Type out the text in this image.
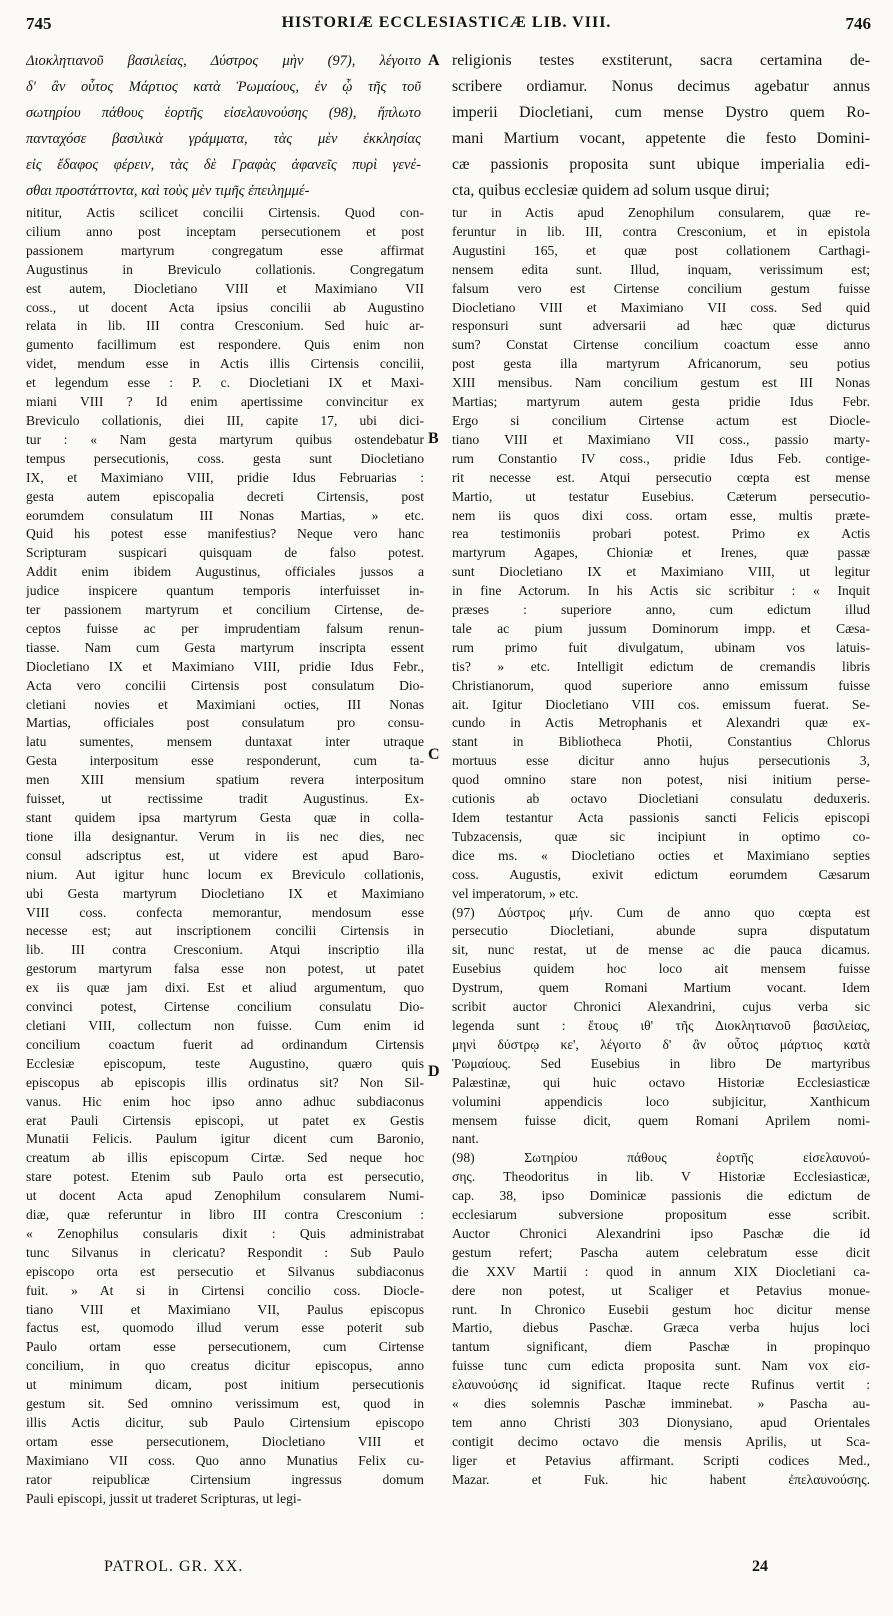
745	HISTORIÆ ECCLESIASTICÆ LIB. VIII.	746
Διοκλητιανοῦ βασιλείας, Δύστρος μὴν (97), λέγοιτο
δ' ἂν οὗτος Μάρτιος κατὰ Ῥωμαίους, ἐν ᾧ τῆς τοῦ
σωτηρίου πάθους ἑορτῆς εἰσελαυνούσης (98), ἥπλωτο
πανταχόσε βασιλικὰ γράμματα, τὰς μὲν ἐκκλησίας
εἰς ἔδαφος φέρειν, τὰς δὲ Γραφὰς ἀφανεῖς πυρὶ γενέ-
σθαι προστάττοντα, καὶ τοὺς μὲν τιμῆς ἐπειλημμέ-
religionis testes exstiterunt, sacra certamina de-
scribere ordiamur. Nonus decimus agebatur annus
imperii Diocletiani, cum mense Dystro quem Ro-
mani Martium vocant, appetente die festo Domini-
cæ passionis proposita sunt ubique imperialia edi-
cta, quibus ecclesiæ quidem ad solum usque dirui;
nititur, Actis scilicet concilii Cirtensis. Quod con-
cilium anno post inceptam persecutionem et post
passionem martyrum congregatum esse affirmat
Augustinus in Breviculo collationis. Congregatum
est autem, Diocletiano VIII et Maximiano VII
coss., ut docent Acta ipsius concilii ab Augustino
relata in lib. III contra Cresconium. Sed huic ar-
gumento facillimum est respondere. Quis enim non
videt, mendum esse in Actis illis Cirtensis concilii,
et legendum esse : P. c. Diocletiani IX et Maxi-
miani VIII ? Id enim apertissime convincitur ex
Breviculo collationis, diei III, capite 17, ubi dici-
tur : « Nam gesta martyrum quibus ostendebatur
tempus persecutionis, coss. gesta sunt Diocletiano
IX, et Maximiano VIII, pridie Idus Februarias :
gesta autem episcopalia decreti Cirtensis, post
eorumdem consulatum III Nonas Martias, » etc.
Quid his potest esse manifestius? Neque vero hanc
Scripturam suspicari quisquam de falso potest.
Addit enim ibidem Augustinus, officiales jussos a
judice inspicere quantum temporis interfuisset in-
ter passionem martyrum et concilium Cirtense, de-
ceptos fuisse ac per imprudentiam falsum renun-
tiasse. Nam cum Gesta martyrum inscripta essent
Diocletiano IX et Maximiano VIII, pridie Idus Febr.,
Acta vero concilii Cirtensis post consulatum Dio-
cletiani novies et Maximiani octies, III Nonas
Martias, officiales post consulatum pro consu-
latu sumentes, mensem duntaxat inter utraque
Gesta interpositum esse responderunt, cum ta-
men XIII mensium spatium revera interpositum
fuisset, ut rectissime tradit Augustinus. Ex-
stant quidem ipsa martyrum Gesta quæ in colla-
tione illa designantur. Verum in iis nec dies, nec
consul adscriptus est, ut videre est apud Baro-
nium. Aut igitur hunc locum ex Breviculo collationis,
ubi Gesta martyrum Diocletiano IX et Maximiano
VIII coss. confecta memorantur, mendosum esse
necesse est; aut inscriptionem concilii Cirtensis in
lib. III contra Cresconium. Atqui inscriptio illa
gestorum martyrum falsa esse non potest, ut patet
ex iis quæ jam dixi. Est et aliud argumentum, quo
convinci potest, Cirtense concilium consulatu Dio-
cletiani VIII, collectum non fuisse. Cum enim id
concilium coactum fuerit ad ordinandum Cirtensis
Ecclesiæ episcopum, teste Augustino, quæro quis
episcopus ab episcopis illis ordinatus sit? Non Sil-
vanus. Hic enim hoc ipso anno adhuc subdiaconus
erat Pauli Cirtensis episcopi, ut patet ex Gestis
Munatii Felicis. Paulum igitur dicent cum Baronio,
creatum ab illis episcopum Cirtæ. Sed neque hoc
stare potest. Etenim sub Paulo orta est persecutio,
ut docent Acta apud Zenophilum consularem Numi-
diæ, quæ referuntur in libro III contra Cresconium :
« Zenophilus consularis dixit : Quis administrabat
tunc Silvanus in clericatu? Respondit : Sub Paulo
episcopo orta est persecutio et Silvanus subdiaconus
fuit. » At si in Cirtensi concilio coss. Diocle-
tiano VIII et Maximiano VII, Paulus episcopus
factus est, quomodo illud verum esse poterit sub
Paulo ortam esse persecutionem, cum Cirtense
concilium, in quo creatus dicitur episcopus, anno
ut minimum dicam, post initium persecutionis
gestum sit. Sed omnino verissimum est, quod in
illis Actis dicitur, sub Paulo Cirtensium episcopo
ortam esse persecutionem, Diocletiano VIII et
Maximiano VII coss. Quo anno Munatius Felix cu-
rator reipublicæ Cirtensium ingressus domum
Pauli episcopi, jussit ut traderet Scripturas, ut legi-
tur in Actis apud Zenophilum consularem, quæ re-
feruntur in lib. III, contra Cresconium, et in epistola
Augustini 165, et quæ post collationem Carthagi-
nensem edita sunt. Illud, inquam, verissimum est;
falsum vero est Cirtense concilium gestum fuisse
Diocletiano VIII et Maximiano VII coss. Sed quid
responsuri sunt adversarii ad hæc quæ dicturus
sum? Constat Cirtense concilium coactum esse anno
post gesta illa martyrum Africanorum, seu potius
XIII mensibus. Nam concilium gestum est III Nonas
Martias; martyrum autem gesta pridie Idus Febr.
Ergo si concilium Cirtense actum est Diocle-
tiano VIII et Maximiano VII coss., passio marty-
rum Constantio IV coss., pridie Idus Feb. contige-
rit necesse est. Atqui persecutio cœpta est mense
Martio, ut testatur Eusebius. Cæterum persecutio-
nem iis quos dixi coss. ortam esse, multis præte-
rea testimoniis probari potest. Primo ex Actis
martyrum Agapes, Chioniæ et Irenes, quæ passæ
sunt Diocletiano IX et Maximiano VIII, ut legitur
in fine Actorum. In his Actis sic scribitur : « Inquit
præses : superiore anno, cum edictum illud
tale ac pium jussum Dominorum impp. et Cæsa-
rum primo fuit divulgatum, ubinam vos latuis-
tis? » etc. Intelligit edictum de cremandis libris
Christianorum, quod superiore anno emissum fuisse
ait. Igitur Diocletiano VIII cos. emissum fuerat. Se-
cundo in Actis Metrophanis et Alexandri quæ ex-
stant in Bibliotheca Photii, Constantius Chlorus
mortuus esse dicitur anno hujus persecutionis 3,
quod omnino stare non potest, nisi initium perse-
cutionis ab octavo Diocletiani consulatu deduxeris.
Idem testantur Acta passionis sancti Felicis episcopi
Tubzacensis, quæ sic incipiunt in optimo co-
dice ms. « Diocletiano octies et Maximiano septies
coss. Augustis, exivit edictum eorumdem Cæsarum
vel imperatorum, » etc.
(97) Δύστρος μήν. Cum de anno quo cœpta est
persecutio Diocletiani, abunde supra disputatum
sit, nunc restat, ut de mense ac die pauca dicamus.
Eusebius quidem hoc loco ait mensem fuisse
Dystrum, quem Romani Martium vocant. Idem
scribit auctor Chronici Alexandrini, cujus verba sic
legenda sunt : ἔτους ιθ' τῆς Διοκλητιανοῦ βασιλείας,
μηνὶ δύστρῳ κε', λέγοιτο δ' ἂν οὗτος μάρτιος κατὰ
Ῥωμαίους. Sed Eusebius in libro De martyribus
Palæstinæ, qui huic octavo Historiæ Ecclesiasticæ
volumini appendicis loco subjicitur, Xanthicum
mensem fuisse dicit, quem Romani Aprilem nomi-
nant.
(98) Σωτηρίου πάθους ἑορτῆς εἰσελαυνού-
σης. Theodoritus in lib. V Historiæ Ecclesiasticæ,
cap. 38, ipso Dominicæ passionis die edictum de
ecclesiarum subversione propositum esse scribit.
Auctor Chronici Alexandrini ipso Paschæ die id
gestum refert; Pascha autem celebratum esse dicit
die XXV Martii : quod in annum XIX Diocletiani ca-
dere non potest, ut Scaliger et Petavius monue-
runt. In Chronico Eusebii gestum hoc dicitur mense
Martio, diebus Paschæ. Græca verba hujus loci
tantum significant, diem Paschæ in propinquo
fuisse tunc cum edicta proposita sunt. Nam vox εἰσ-
ελαυνούσης id significat. Itaque recte Rufinus vertit :
« dies solemnis Paschæ imminebat. » Pascha au-
tem anno Christi 303 Dionysiano, apud Orientales
contigit decimo octavo die mensis Aprilis, ut Sca-
liger et Petavius affirmant. Scripti codices Med.,
Mazar. et Fuk. hic habent ἐπελαυνούσης.
A
B
C
D
PATROL. GR. XX.	24
